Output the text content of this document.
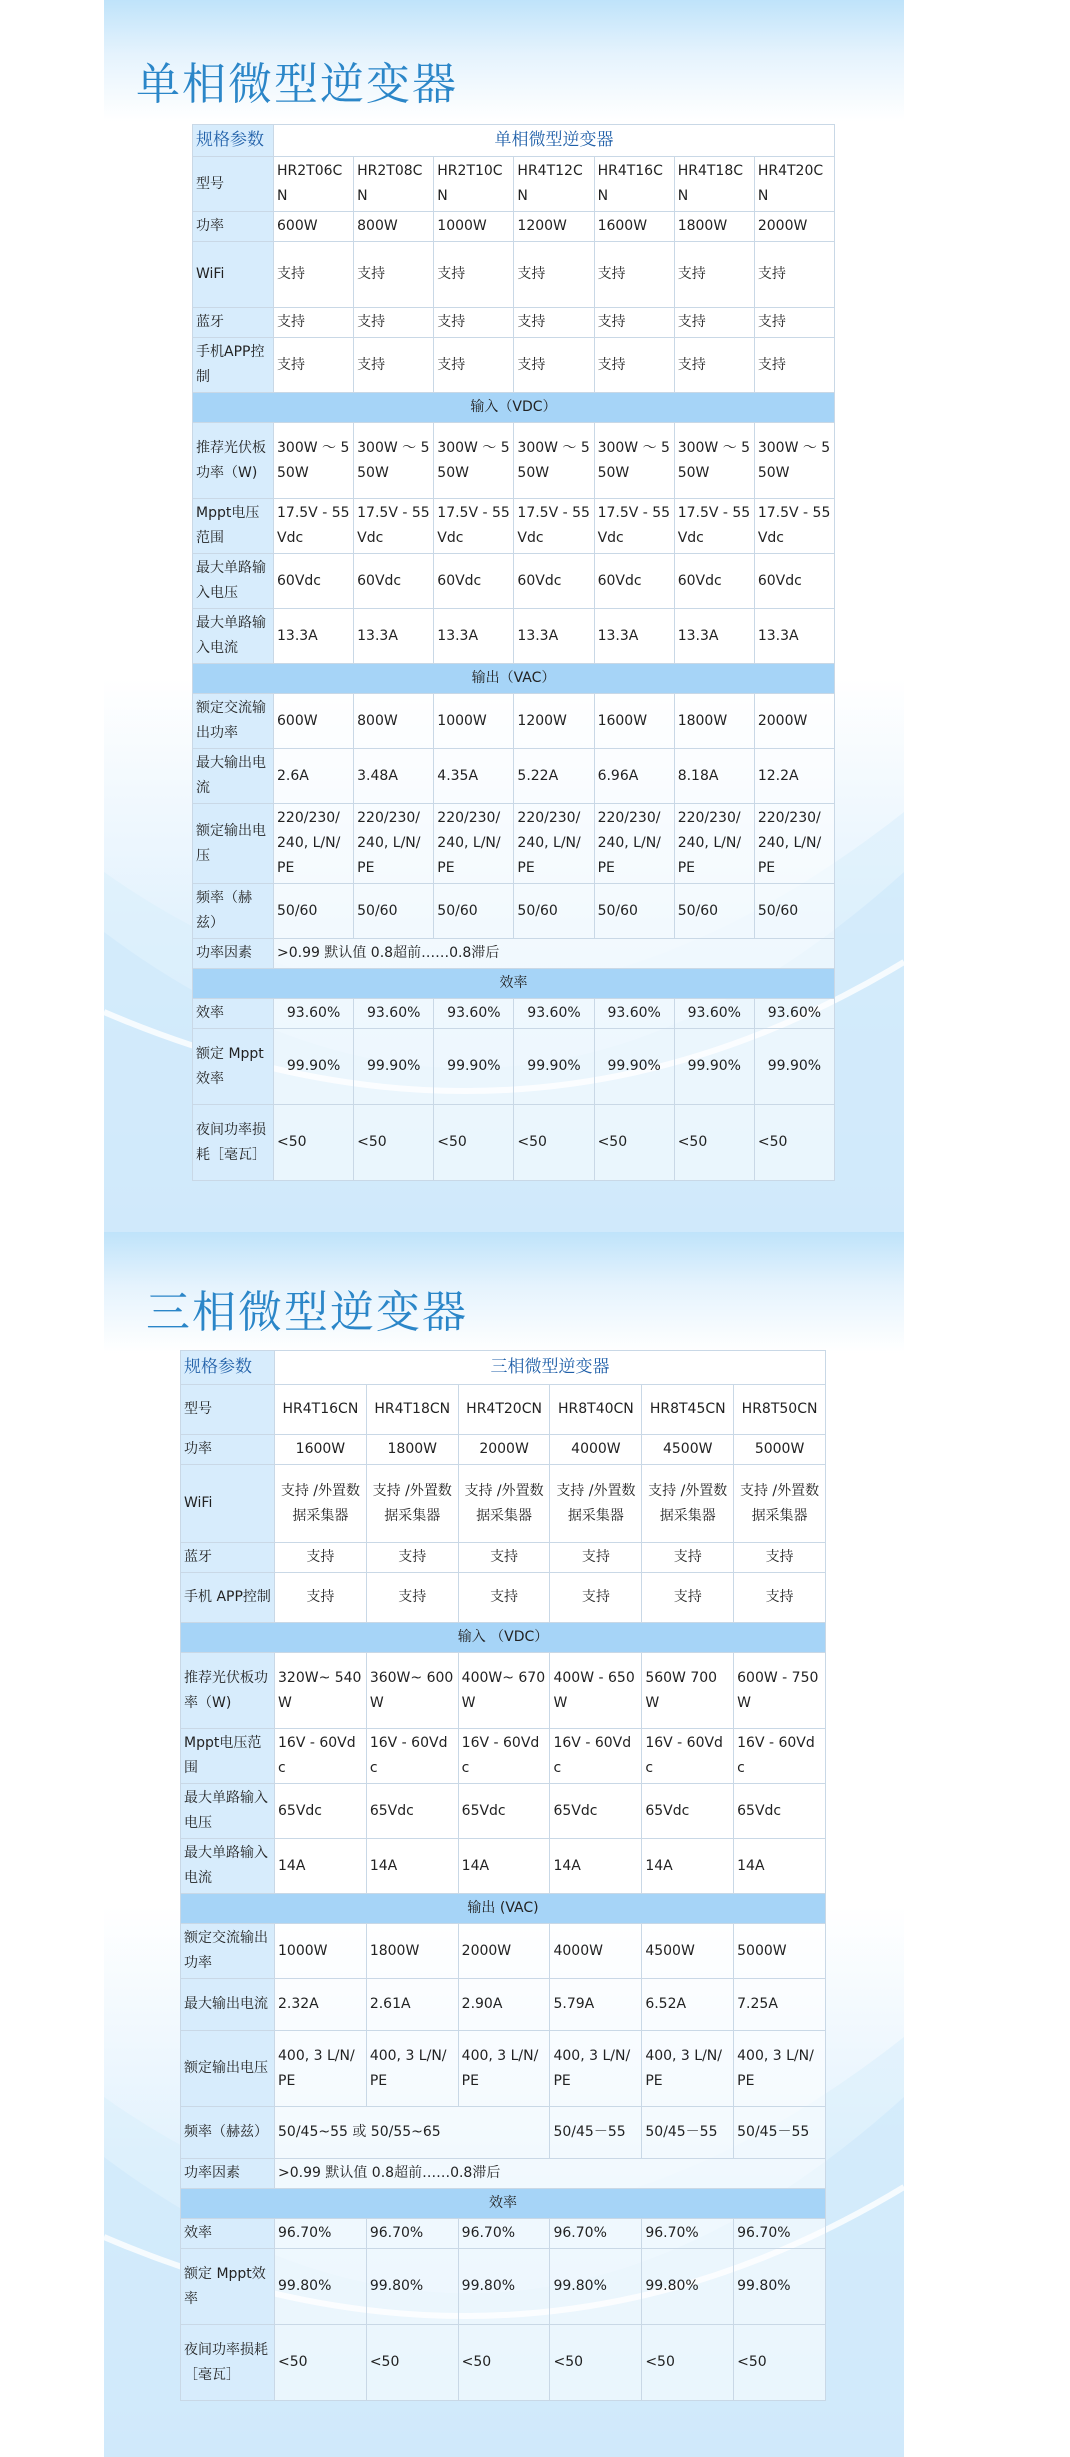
单相微型逆变器
规格参数	单相微型逆变器						
型号	HR2T06CN	HR2T08CN	HR2T10CN	HR4T12CN	HR4T16CN	HR4T18CN	HR4T20CN
功率	600W	800W	1000W	1200W	1600W	1800W	2000W
WiFi	支持	支持	支持	支持	支持	支持	支持
蓝牙	支持	支持	支持	支持	支持	支持	支持
手机APP控制	支持	支持	支持	支持	支持	支持	支持
输入（VDC）							
推荐光伏板功率（W)	300W ～ 550W	300W ～ 550W	300W ～ 550W	300W ～ 550W	300W ～ 550W	300W ～ 550W	300W ～ 550W
Mppt电压范围	17.5V - 55Vdc	17.5V - 55Vdc	17.5V - 55Vdc	17.5V - 55Vdc	17.5V - 55Vdc	17.5V - 55Vdc	17.5V - 55Vdc
最大单路输入电压	60Vdc	60Vdc	60Vdc	60Vdc	60Vdc	60Vdc	60Vdc
最大单路输入电流	13.3A	13.3A	13.3A	13.3A	13.3A	13.3A	13.3A
输出（VAC）							
额定交流输出功率	600W	800W	1000W	1200W	1600W	1800W	2000W
最大输出电流	2.6A	3.48A	4.35A	5.22A	6.96A	8.18A	12.2A
额定输出电压	220/230/ 240, L/N/ PE	220/230/ 240, L/N/ PE	220/230/ 240, L/N/ PE	220/230/ 240, L/N/ PE	220/230/ 240, L/N/ PE	220/230/ 240, L/N/ PE	220/230/ 240, L/N/ PE
频率（赫兹）	50/60	50/60	50/60	50/60	50/60	50/60	50/60
功率因素	>0.99 默认值 0.8超前……0.8滞后						
效率							
效率	93.60%	93.60%	93.60%	93.60%	93.60%	93.60%	93.60%
额定 Mppt效率	99.90%	99.90%	99.90%	99.90%	99.90%	99.90%	99.90%
夜间功率损耗［毫瓦］	<50	<50	<50	<50	<50	<50	<50
三相微型逆变器
规格参数	三相微型逆变器					
型号	HR4T16CN	HR4T18CN	HR4T20CN	HR8T40CN	HR8T45CN	HR8T50CN
功率	1600W	1800W	2000W	4000W	4500W	5000W
WiFi	支持 /外置数据采集器	支持 /外置数据采集器	支持 /外置数据采集器	支持 /外置数据采集器	支持 /外置数据采集器	支持 /外置数据采集器
蓝牙	支持	支持	支持	支持	支持	支持
手机 APP控制	支持	支持	支持	支持	支持	支持
输入 （VDC）						
推荐光伏板功率（W)	320W~ 540W	360W~ 600W	400W~ 670W	400W - 650W	560W 700W	600W - 750W
Mppt电压范围	16V - 60Vdc	16V - 60Vdc	16V - 60Vdc	16V - 60Vdc	16V - 60Vdc	16V - 60Vdc
最大单路输入电压	65Vdc	65Vdc	65Vdc	65Vdc	65Vdc	65Vdc
最大单路输入电流	14A	14A	14A	14A	14A	14A
输出 (VAC)						
额定交流输出功率	1000W	1800W	2000W	4000W	4500W	5000W
最大输出电流	2.32A	2.61A	2.90A	5.79A	6.52A	7.25A
额定输出电压	400, 3 L/N/PE	400, 3 L/N/PE	400, 3 L/N/PE	400, 3 L/N/PE	400, 3 L/N/PE	400, 3 L/N/PE
频率（赫兹）	50/45~55 或 50/55~65			50/45－55	50/45－55	50/45－55
功率因素	>0.99 默认值 0.8超前……0.8滞后					
效率						
效率	96.70%	96.70%	96.70%	96.70%	96.70%	96.70%
额定 Mppt效率	99.80%	99.80%	99.80%	99.80%	99.80%	99.80%
夜间功率损耗［毫瓦］	<50	<50	<50	<50	<50	<50
